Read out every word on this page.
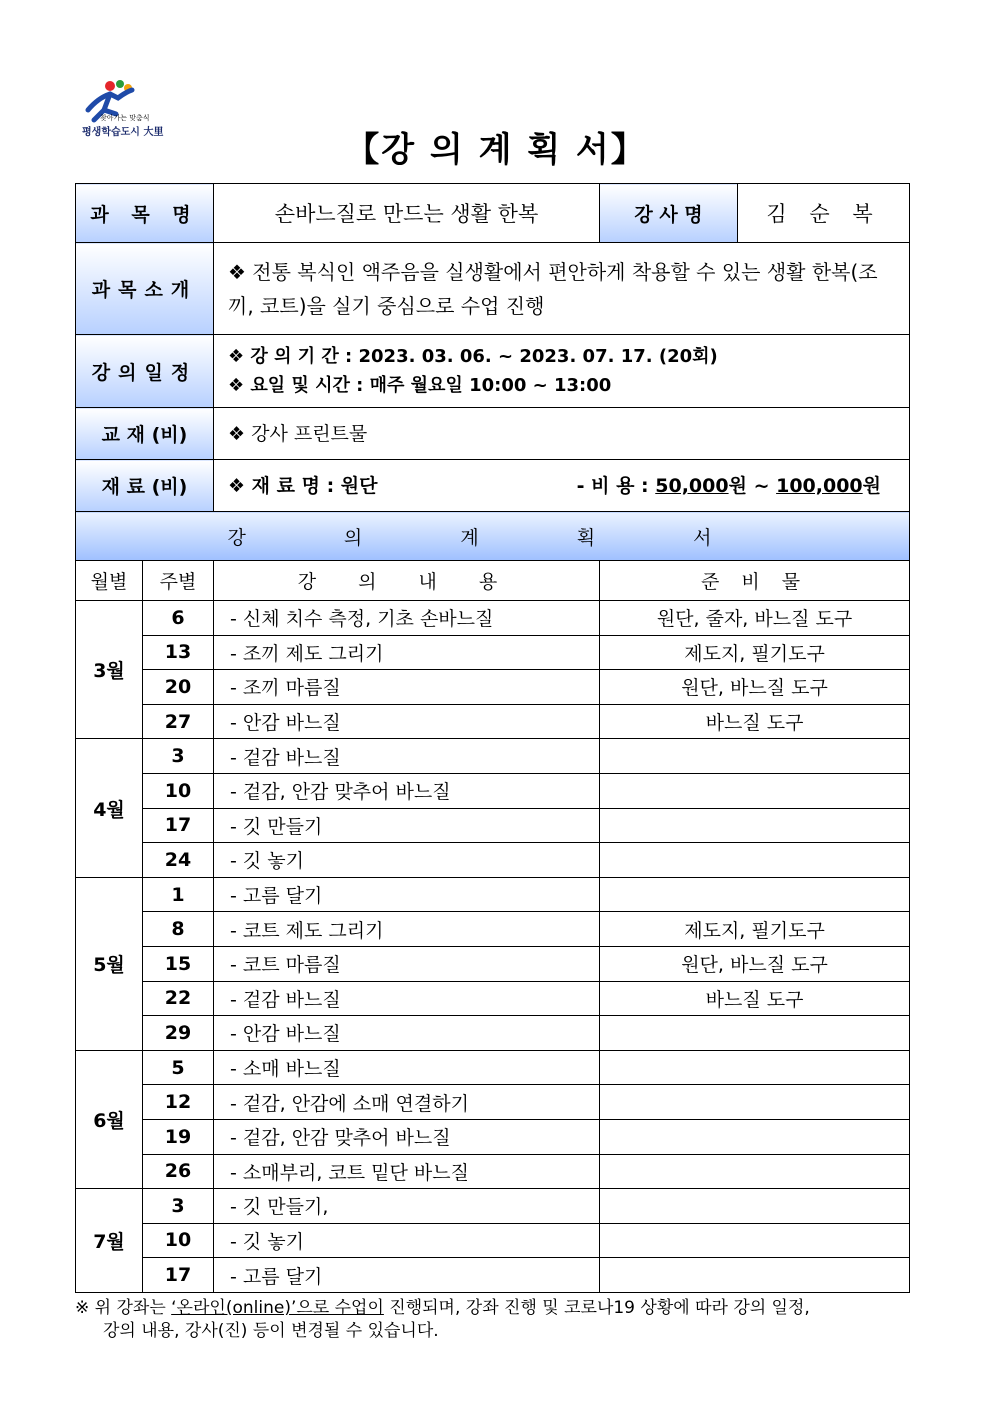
찾아가는 맞춤식
평생학습도시 大里	【강 의 계 획 서】
과 목 명		손바느질로 만드는 생활 한복	강 사 명	김 순 복
과목소개		❖ 전통 복식인 액주음을 실생활에서 편안하게 착용할 수 있는 생활 한복(조끼, 코트)을 실기 중심으로 수업 진행		
강의일정		❖ 강 의 기 간 : 2023. 03. 06. ~ 2023. 07. 17. (20회)
❖ 요일 및 시간 : 매주 월요일 10:00 ~ 13:00		

교 재 (비)		❖ 강사 프린트물		
재 료 (비)		❖ 재 료 명 : 원단 - 비 용 : 50,000원 ~ 100,000원		

강 의 계 획 서				
월별	주별	강 의 내 용	준 비 물	
3월	6	- 신체 치수 측정, 기초 손바느질	원단, 줄자, 바느질 도구	
	13	- 조끼 제도 그리기	제도지, 필기도구	
	20	- 조끼 마름질	원단, 바느질 도구	
	27	- 안감 바느질	바느질 도구	
4월	3	- 겉감 바느질		
	10	- 겉감, 안감 맞추어 바느질		
	17	- 깃 만들기		
	24	- 깃 놓기		
5월	1	- 고름 달기		
	8	- 코트 제도 그리기	제도지, 필기도구	
	15	- 코트 마름질	원단, 바느질 도구	
	22	- 겉감 바느질	바느질 도구	
	29	- 안감 바느질		
6월	5	- 소매 바느질		
	12	- 겉감, 안감에 소매 연결하기		
	19	- 겉감, 안감 맞추어 바느질		
	26	- 소매부리, 코트 밑단 바느질		
7월	3	- 깃 만들기,		
	10	- 깃 놓기		
	17	- 고름 달기		
※ 위 강좌는 ‘온라인(online)’으로 수업이 진행되며, 강좌 진행 및 코로나19 상황에 따라 강의 일정,
강의 내용, 강사(진) 등이 변경될 수 있습니다.
